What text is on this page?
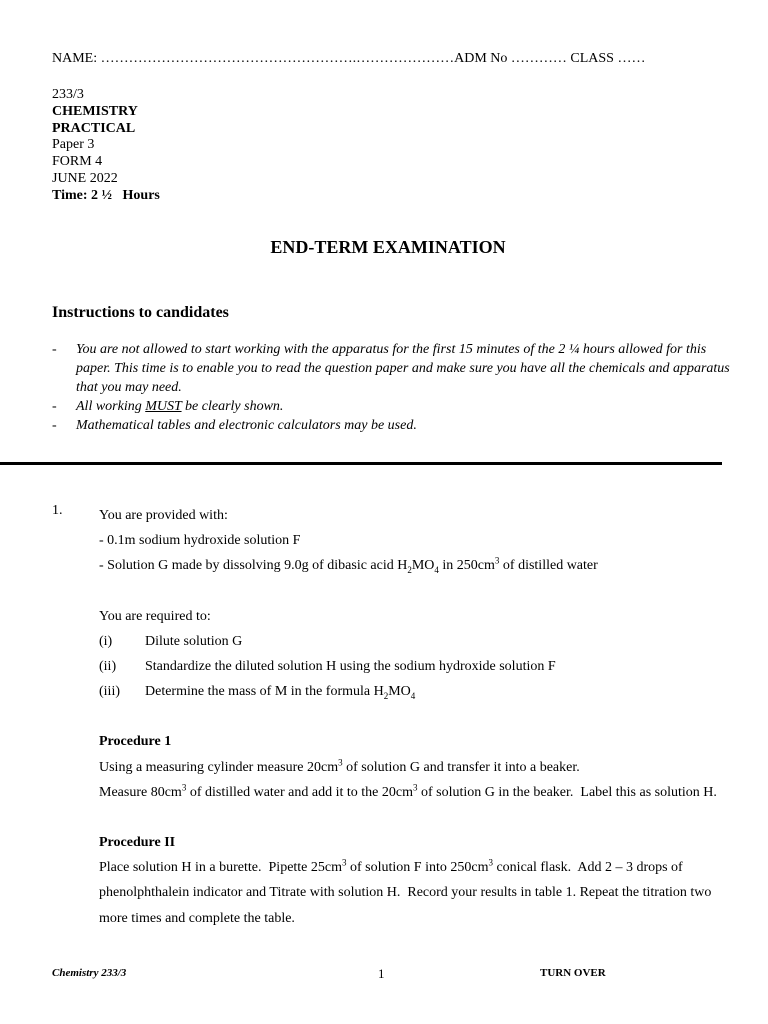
NAME: ……………………………………………….…………………ADM No ………… CLASS ……
233/3
CHEMISTRY
PRACTICAL
Paper 3
FORM 4
JUNE 2022
Time: 2 ½   Hours
END-TERM EXAMINATION
Instructions to candidates
- You are not allowed to start working with the apparatus for the first 15 minutes of the 2 ¼ hours allowed for this paper. This time is to enable you to read the question paper and make sure you have all the chemicals and apparatus that you may need.
- All working MUST be clearly shown.
- Mathematical tables and electronic calculators may be used.
1.	You are provided with:
- 0.1m sodium hydroxide solution F
- Solution G made by dissolving 9.0g of dibasic acid $H_2MO_4$ in $250cm^3$ of distilled water
You are required to:
(i) Dilute solution G
(ii) Standardize the diluted solution H using the sodium hydroxide solution F
(iii) Determine the mass of M in the formula $H_2MO_4$
Procedure 1
Using a measuring cylinder measure $20cm^3$ of solution G and transfer it into a beaker.
Measure $80cm^3$ of distilled water and add it to the $20cm^3$ of solution G in the beaker.  Label this as solution H.
Procedure II
Place solution H in a burette.  Pipette $25cm^3$ of solution F into $250cm^3$ conical flask.  Add 2 – 3 drops of phenolphthalein indicator and Titrate with solution H.  Record your results in table 1. Repeat the titration two more times and complete the table.
Chemistry 233/3	1	TURN OVER
